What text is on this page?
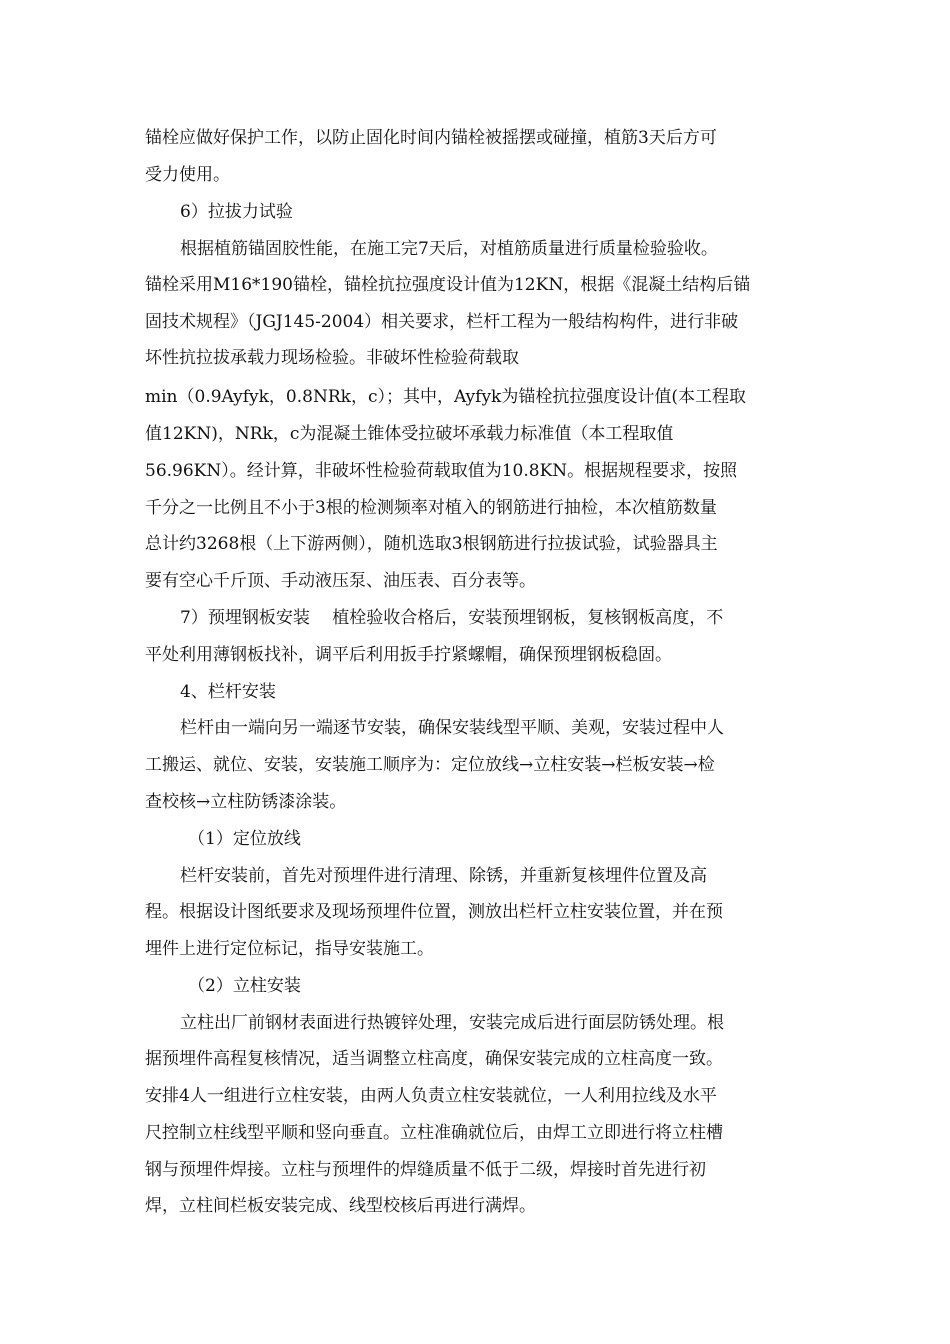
锚栓应做好保护工作，以防止固化时间内锚栓被摇摆或碰撞，植筋3天后方可
受力使用。
6）拉拔力试验
根据植筋锚固胶性能，在施工完7天后，对植筋质量进行质量检验验收。
锚栓采用M16*190锚栓，锚栓抗拉强度设计值为12KN，根据《混凝土结构后锚
固技术规程》（JGJ145-2004）相关要求，栏杆工程为一般结构构件，进行非破
坏性抗拉拔承载力现场检验。非破坏性检验荷载取
min（0.9Ayfyk，0.8NRk，c）；其中，Ayfyk为锚栓抗拉强度设计值(本工程取
值12KN)，NRk，c为混凝土锥体受拉破坏承载力标准值（本工程取值
56.96KN）。经计算，非破坏性检验荷载取值为10.8KN。根据规程要求，按照
千分之一比例且不小于3根的检测频率对植入的钢筋进行抽检，本次植筋数量
总计约3268根（上下游两侧），随机选取3根钢筋进行拉拔试验，试验器具主
要有空心千斤顶、手动液压泵、油压表、百分表等。
7）预埋钢板安装　 植栓验收合格后，安装预埋钢板，复核钢板高度，不
平处利用薄钢板找补，调平后利用扳手拧紧螺帽，确保预埋钢板稳固。
4、栏杆安装
栏杆由一端向另一端逐节安装，确保安装线型平顺、美观，安装过程中人
工搬运、就位、安装，安装施工顺序为：定位放线→立柱安装→栏板安装→检
查校核→立柱防锈漆涂装。
（1）定位放线
栏杆安装前，首先对预埋件进行清理、除锈，并重新复核埋件位置及高
程。根据设计图纸要求及现场预埋件位置，测放出栏杆立柱安装位置，并在预
埋件上进行定位标记，指导安装施工。
（2）立柱安装
立柱出厂前钢材表面进行热镀锌处理，安装完成后进行面层防锈处理。根
据预埋件高程复核情况，适当调整立柱高度，确保安装完成的立柱高度一致。
安排4人一组进行立柱安装，由两人负责立柱安装就位，一人利用拉线及水平
尺控制立柱线型平顺和竖向垂直。立柱准确就位后，由焊工立即进行将立柱槽
钢与预埋件焊接。立柱与预埋件的焊缝质量不低于二级，焊接时首先进行初
焊，立柱间栏板安装完成、线型校核后再进行满焊。
